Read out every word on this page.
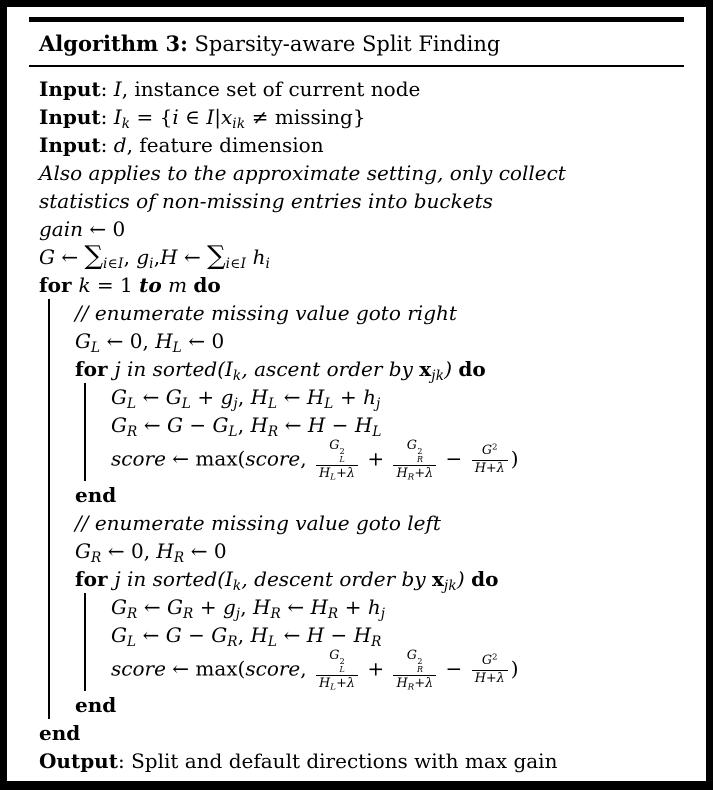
Algorithm 3: Sparsity-aware Split Finding
Input: I, instance set of current node
Input: $I_k = \{i$ ∈ $I|x_{ik} \ne missing$}
Input: d, feature dimension
Also applies to the approximate setting, only collect
statistics of non-missing entries into buckets
gain ← 0
G ← $\sum_{i\in I}$, $g_i,H$ ← $\sum_{i\in I}$ $h_i$
for k = 1 to m do
// enumerate missing value goto right
$G_L$ ← 0, $H_L$ ← 0
for j in $sorted(I_k$, ascent order by $x_{jk}$) do
$G_L$ ← $G_L + g_j$, $H_L$ ← $H_L + h_j$
$G_R$ ← $G - G_L$, $H_R$ ← $H - H_L$
score ← max(score, G 2
L
$H_L+\lambda + G$ 2
R
$H_R+\lambda - \frac{G^2}{H+\lambda}$ )
end
// enumerate missing value goto left
$G_R$ ← 0, $H_R$ ← 0
for j in $sorted(I_k$, descent order by $x_{jk}$) do
$G_R$ ← $G_R + g_j$, $H_R$ ← $H_R + h_j$
$G_L$ ← $G - G_R$, $H_L$ ← $H - H_R$
score ← max(score, G 2
L
$H_L+\lambda + G$ 2
R
$H_R+\lambda - \frac{G^2}{H+\lambda}$ )
end
end
Output: Split and default directions with max gain
